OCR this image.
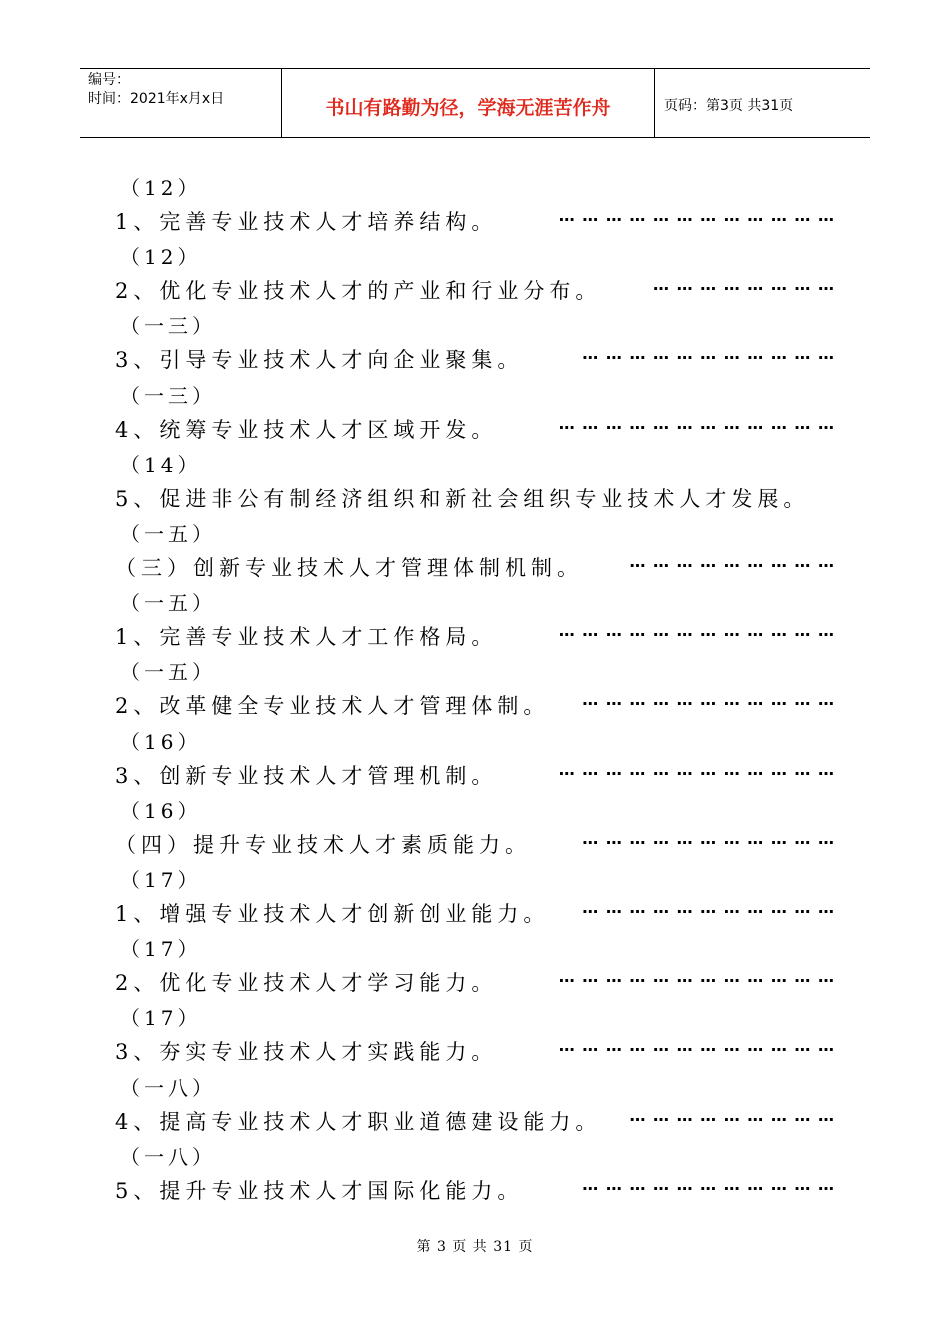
编号：
时间：2021年x月x日	书山有路勤为径，学海无涯苦作舟	页码：第3页 共31页
（12）
1、完善专业技术人才培养结构。	… … … … … … … … … … … …
（12）
2、优化专业技术人才的产业和行业分布。	… … … … … … … …
（一三）
3、引导专业技术人才向企业聚集。	… … … … … … … … … … …
（一三）
4、统筹专业技术人才区域开发。	… … … … … … … … … … … …
（14）
5、促进非公有制经济组织和新社会组织专业技术人才发展。
（一五）
（三）创新专业技术人才管理体制机制。	… … … … … … … … …
（一五）
1、完善专业技术人才工作格局。	… … … … … … … … … … … …
（一五）
2、改革健全专业技术人才管理体制。 … … … … … … … … … … …
（16）
3、创新专业技术人才管理机制。	… … … … … … … … … … … …
（16）
（四）提升专业技术人才素质能力。	… … … … … … … … … … …
（17）
1、增强专业技术人才创新创业能力。 … … … … … … … … … … …
（17）
2、优化专业技术人才学习能力。	… … … … … … … … … … … …
（17）
3、夯实专业技术人才实践能力。	… … … … … … … … … … … …
（一八）
4、提高专业技术人才职业道德建设能力。 … … … … … … … … …
（一八）
5、提升专业技术人才国际化能力。	… … … … … … … … … … …
第 3 页 共 31 页
